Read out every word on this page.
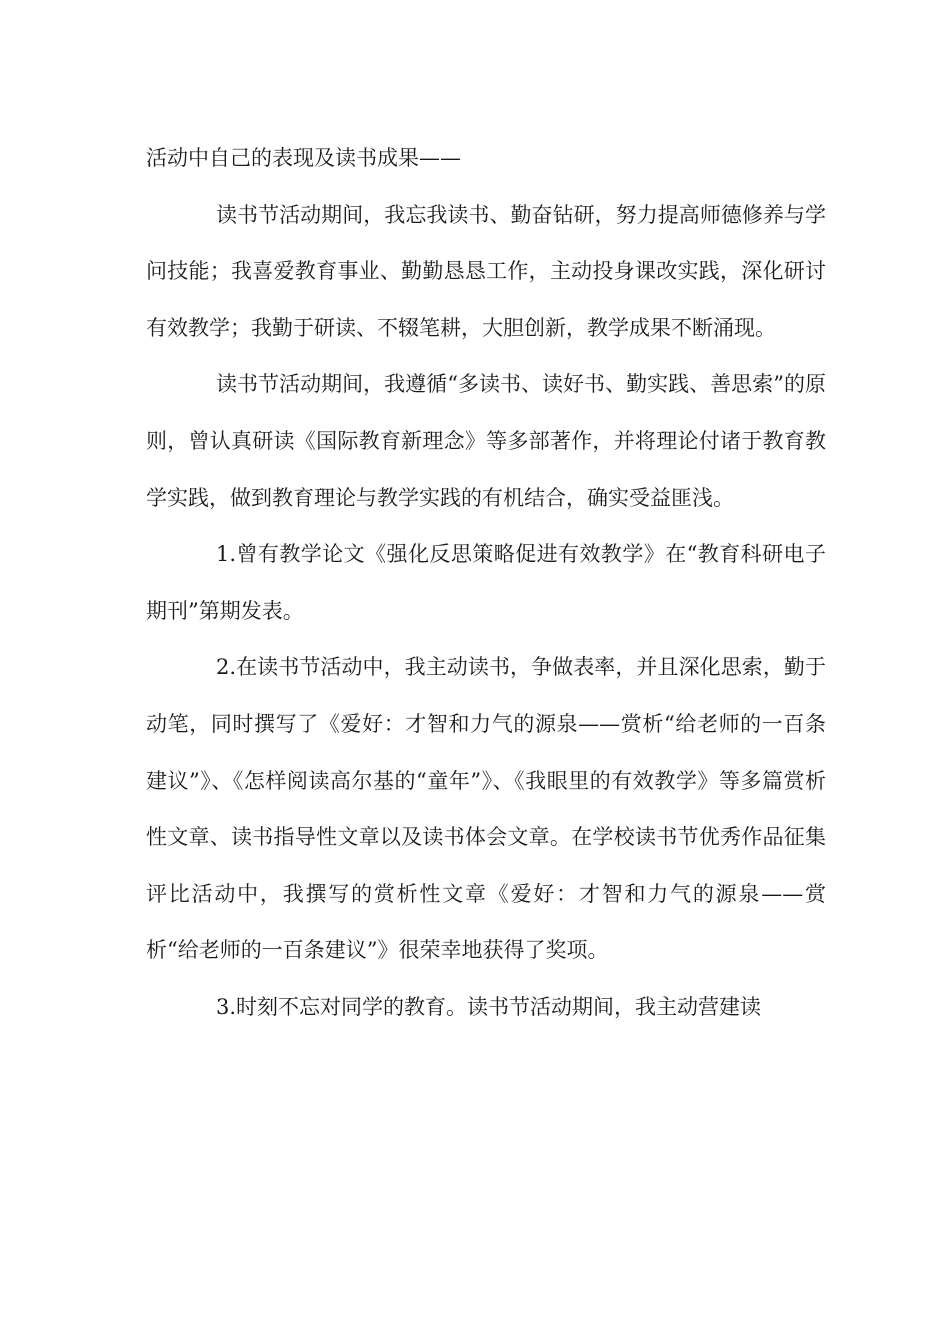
活动中自己的表现及读书成果——

读书节活动期间，我忘我读书、勤奋钻研，努力提高师德修养与学问技能；我喜爱教育事业、勤勤恳恳工作，主动投身课改实践，深化研讨有效教学；我勤于研读、不辍笔耕，大胆创新，教学成果不断涌现。

读书节活动期间，我遵循“多读书、读好书、勤实践、善思索”的原则，曾认真研读《国际教育新理念》等多部著作，并将理论付诸于教育教学实践，做到教育理论与教学实践的有机结合，确实受益匪浅。

1.曾有教学论文《强化反思策略促进有效教学》在“教育科研电子期刊”第期发表。

2.在读书节活动中，我主动读书，争做表率，并且深化思索，勤于动笔，同时撰写了《爱好：才智和力气的源泉——赏析“给老师的一百条建议”》、《怎样阅读高尔基的“童年”》、《我眼里的有效教学》等多篇赏析性文章、读书指导性文章以及读书体会文章。在学校读书节优秀作品征集评比活动中，我撰写的赏析性文章《爱好：才智和力气的源泉——赏析“给老师的一百条建议”》很荣幸地获得了奖项。

3.时刻不忘对同学的教育。读书节活动期间，我主动营建读
